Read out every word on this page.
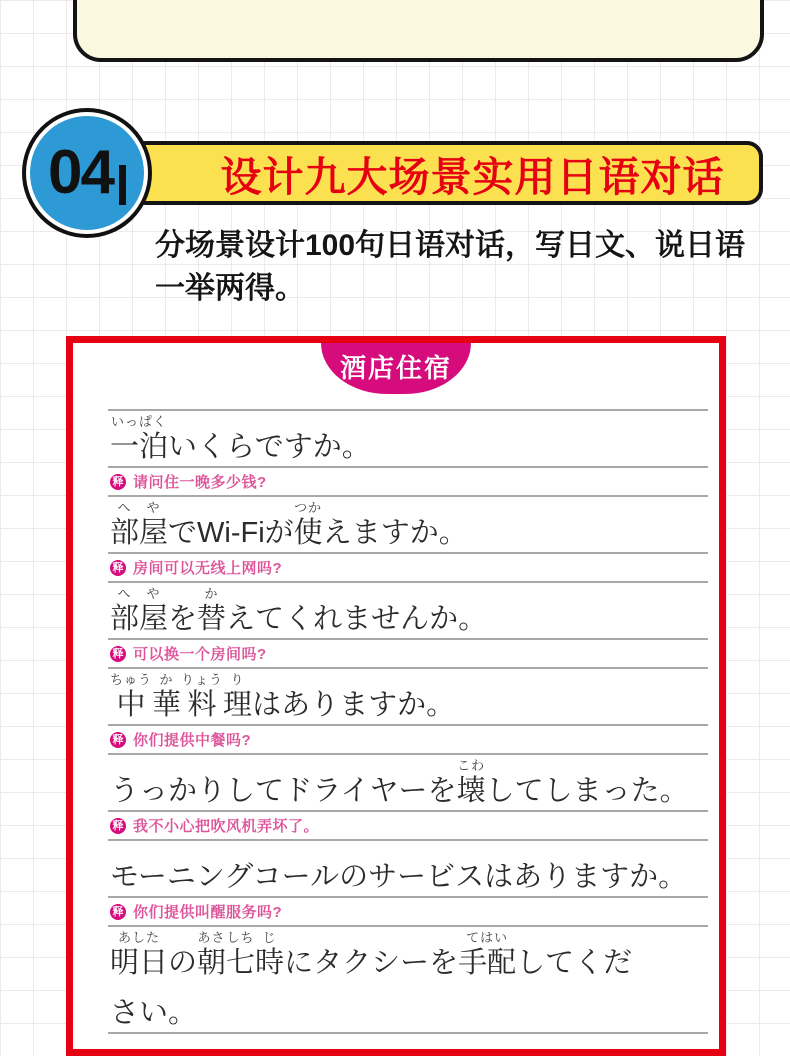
04	设计九大场景实用日语对话
分场景设计100句日语对话，写日文、说日语
一举两得。
酒店住宿
いっぱく
一泊 いくらですか。
释 请问住一晚多少钱?
へ
部
や
屋 でWi-Fiが
つか
使 えますか。
释 房间可以无线上网吗?
へ
部
や
屋 を
か
替 えてくれませんか。
释 可以换一个房间吗?
ちゅう
中
か
華
りょう
料
り
理 はありますか。
释 你们提供中餐吗?
うっかりしてドライヤーを
こわ
壊 してしまった。
释 我不小心把吹风机弄坏了。
モーニングコールのサービスはありますか。
释 你们提供叫醒服务吗?
あした
明日 の
あさ
朝
しち
七
じ
時 にタクシーを
てはい
手配 してくだ
さい。
